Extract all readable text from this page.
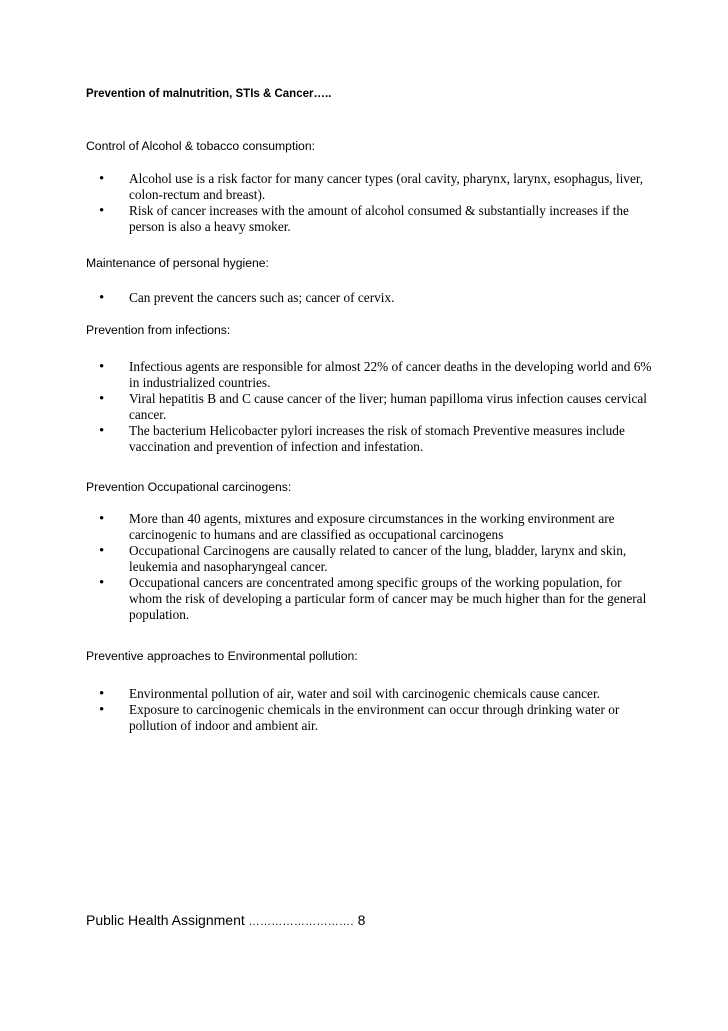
Prevention of malnutrition, STIs & Cancer…..
Control of Alcohol & tobacco consumption:
• Alcohol use is a risk factor for many cancer types (oral cavity, pharynx, larynx, esophagus, liver, colon-rectum and breast).
• Risk of cancer increases with the amount of alcohol consumed & substantially increases if the person is also a heavy smoker.
Maintenance of personal hygiene:
• Can prevent the cancers such as; cancer of cervix.
Prevention from infections:
• Infectious agents are responsible for almost 22% of cancer deaths in the developing world and 6% in industrialized countries.
• Viral hepatitis B and C cause cancer of the liver; human papilloma virus infection causes cervical cancer.
• The bacterium Helicobacter pylori increases the risk of stomach Preventive measures include vaccination and prevention of infection and infestation.
Prevention Occupational carcinogens:
• More than 40 agents, mixtures and exposure circumstances in the working environment are carcinogenic to humans and are classified as occupational carcinogens
• Occupational Carcinogens are causally related to cancer of the lung, bladder, larynx and skin, leukemia and nasopharyngeal cancer.
• Occupational cancers are concentrated among specific groups of the working population, for whom the risk of developing a particular form of cancer may be much higher than for the general population.
Preventive approaches to Environmental pollution:
• Environmental pollution of air, water and soil with carcinogenic chemicals cause cancer.
• Exposure to carcinogenic chemicals in the environment can occur through drinking water or pollution of indoor and ambient air.
Public Health Assignment ………………………. 8
